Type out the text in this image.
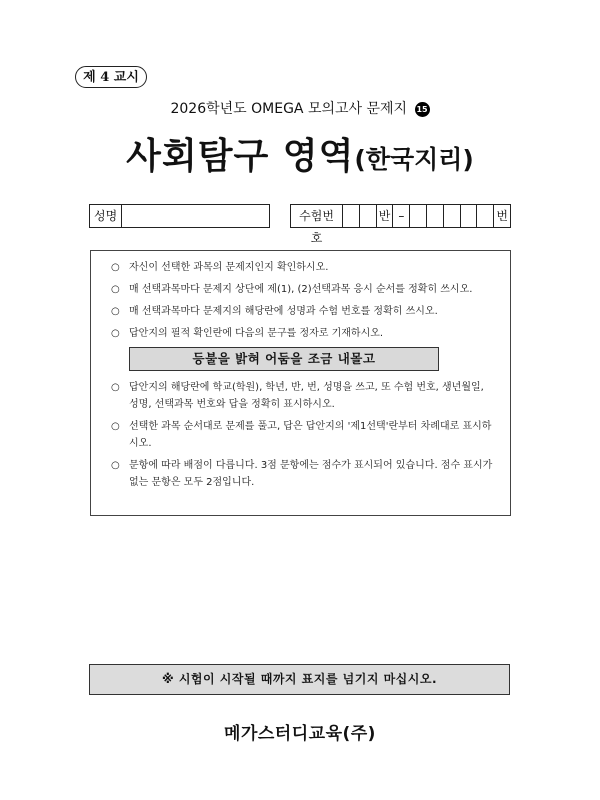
제 4 교시
2026학년도 OMEGA 모의고사 문제지 15
사회탐구 영역(한국지리)
성명	수험번호
반 –	번
○ 자신이 선택한 과목의 문제지인지 확인하시오.
○ 매 선택과목마다 문제지 상단에 제(1), (2)선택과목 응시 순서를 정확히 쓰시오.
○ 매 선택과목마다 문제지의 해당란에 성명과 수험 번호를 정확히 쓰시오.
○ 답안지의 필적 확인란에 다음의 문구를 정자로 기재하시오.
등불을 밝혀 어둠을 조금 내몰고
○ 답안지의 해당란에 학교(학원), 학년, 반, 번, 성명을 쓰고, 또 수험 번호, 생년월일, 성명, 선택과목 번호와 답을 정확히 표시하시오.
○ 선택한 과목 순서대로 문제를 풀고, 답은 답안지의 '제1선택'란부터 차례대로 표시하시오.
○ 문항에 따라 배점이 다릅니다. 3점 문항에는 점수가 표시되어 있습니다. 점수 표시가 없는 문항은 모두 2점입니다.
※ 시험이 시작될 때까지 표지를 넘기지 마십시오.
메가스터디교육(주)
